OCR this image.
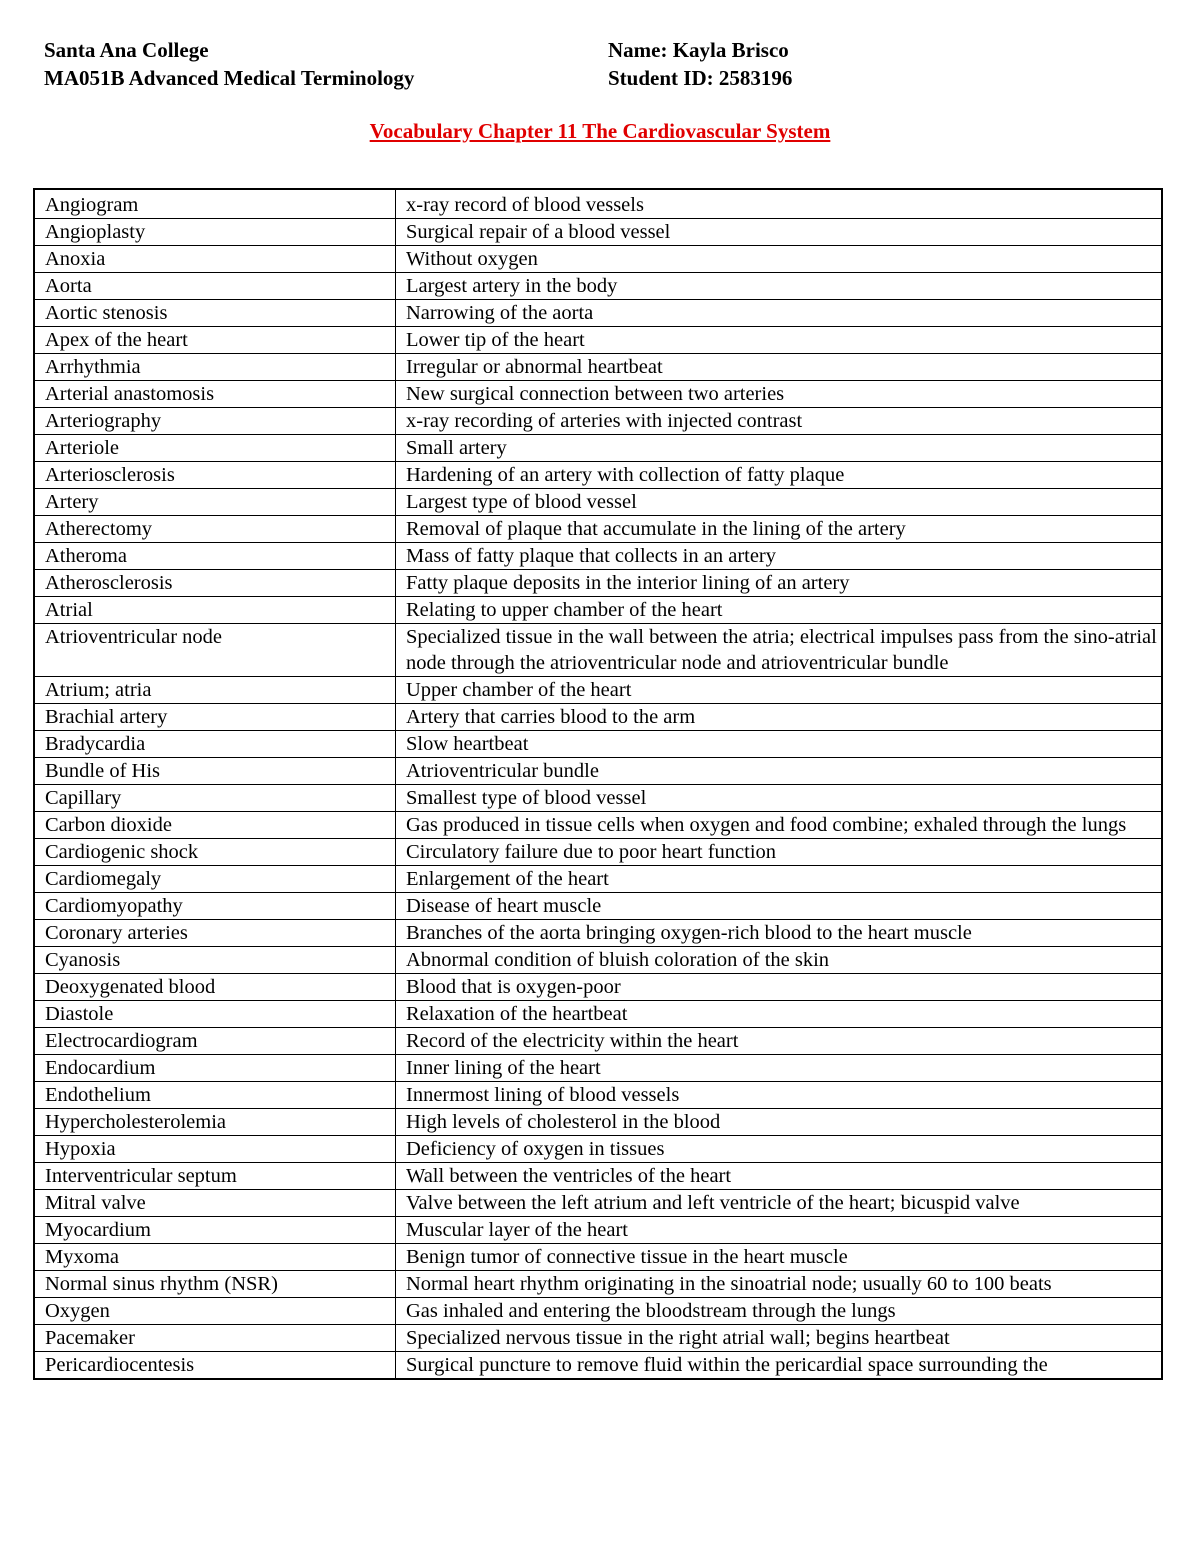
Santa Ana College
MA051B Advanced Medical Terminology
Name: Kayla Brisco
Student ID: 2583196
Vocabulary Chapter 11 The Cardiovascular System
Angiogram	x-ray record of blood vessels
Angioplasty	Surgical repair of a blood vessel
Anoxia	Without oxygen
Aorta	Largest artery in the body
Aortic stenosis	Narrowing of the aorta
Apex of the heart	Lower tip of the heart
Arrhythmia	Irregular or abnormal heartbeat
Arterial anastomosis	New surgical connection between two arteries
Arteriography	x-ray recording of arteries with injected contrast
Arteriole	Small artery
Arteriosclerosis	Hardening of an artery with collection of fatty plaque
Artery	Largest type of blood vessel
Atherectomy	Removal of plaque that accumulate in the lining of the artery
Atheroma	Mass of fatty plaque that collects in an artery
Atherosclerosis	Fatty plaque deposits in the interior lining of an artery
Atrial	Relating to upper chamber of the heart
Atrioventricular node	Specialized tissue in the wall between the atria; electrical impulses pass from the sino-atrial node through the atrioventricular node and atrioventricular bundle
Atrium; atria	Upper chamber of the heart
Brachial artery	Artery that carries blood to the arm
Bradycardia	Slow heartbeat
Bundle of His	Atrioventricular bundle
Capillary	Smallest type of blood vessel
Carbon dioxide	Gas produced in tissue cells when oxygen and food combine; exhaled through the lungs
Cardiogenic shock	Circulatory failure due to poor heart function
Cardiomegaly	Enlargement of the heart
Cardiomyopathy	Disease of heart muscle
Coronary arteries	Branches of the aorta bringing oxygen-rich blood to the heart muscle
Cyanosis	Abnormal condition of bluish coloration of the skin
Deoxygenated blood	Blood that is oxygen-poor
Diastole	Relaxation of the heartbeat
Electrocardiogram	Record of the electricity within the heart
Endocardium	Inner lining of the heart
Endothelium	Innermost lining of blood vessels
Hypercholesterolemia	High levels of cholesterol in the blood
Hypoxia	Deficiency of oxygen in tissues
Interventricular septum	Wall between the ventricles of the heart
Mitral valve	Valve between the left atrium and left ventricle of the heart; bicuspid valve
Myocardium	Muscular layer of the heart
Myxoma	Benign tumor of connective tissue in the heart muscle
Normal sinus rhythm (NSR)	Normal heart rhythm originating in the sinoatrial node; usually 60 to 100 beats
Oxygen	Gas inhaled and entering the bloodstream through the lungs
Pacemaker	Specialized nervous tissue in the right atrial wall; begins heartbeat
Pericardiocentesis	Surgical puncture to remove fluid within the pericardial space surrounding the
